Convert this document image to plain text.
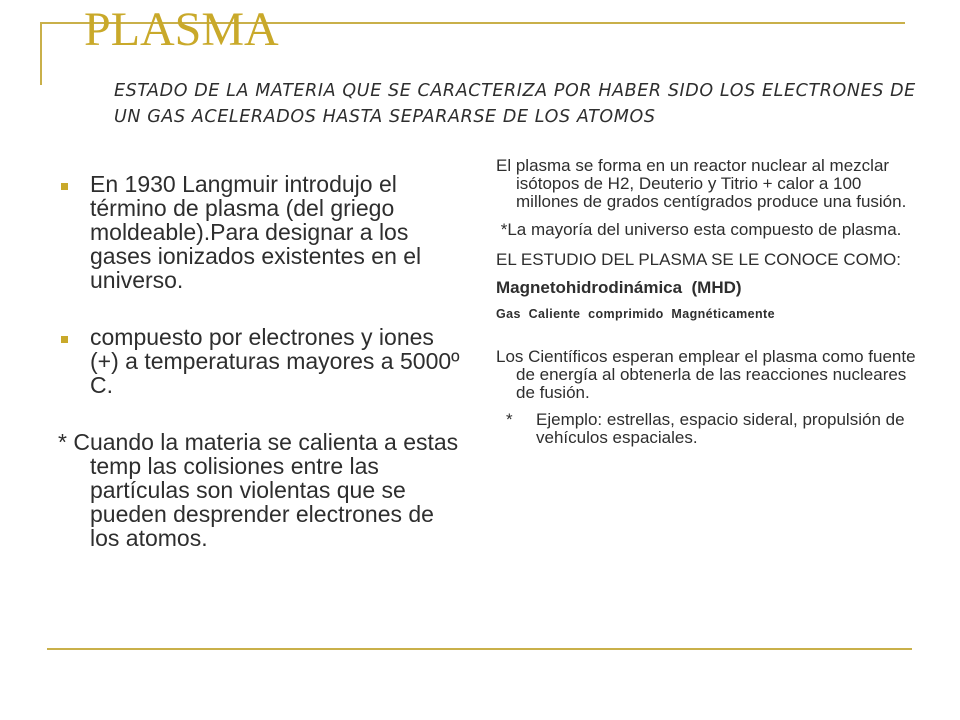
PLASMA

ESTADO DE LA MATERIA QUE SE CARACTERIZA POR HABER SIDO LOS ELECTRONES DE UN GAS ACELERADOS HASTA SEPARARSE DE LOS ATOMOS

En 1930 Langmuir introdujo el término de plasma (del griego moldeable).Para designar a los gases ionizados existentes en el universo.
compuesto por electrones y iones (+) a temperaturas mayores a 5000º C.
* Cuando la materia se calienta a estas temp las colisiones entre las partículas son violentas que se pueden desprender electrones de los atomos.

El plasma se forma en un reactor nuclear al mezclar isótopos de H2, Deuterio y Titrio + calor a 100 millones de grados centígrados produce una fusión.

*La mayoría del universo esta compuesto de plasma.

EL ESTUDIO DEL PLASMA SE LE CONOCE COMO:

Magnetohidrodinámica  (MHD)

Gas  Caliente  comprimido  Magnéticamente

Los Científicos esperan emplear el plasma como fuente de energía al obtenerla de las reacciones nucleares de fusión.

* Ejemplo: estrellas, espacio sideral, propulsión de vehículos espaciales.
